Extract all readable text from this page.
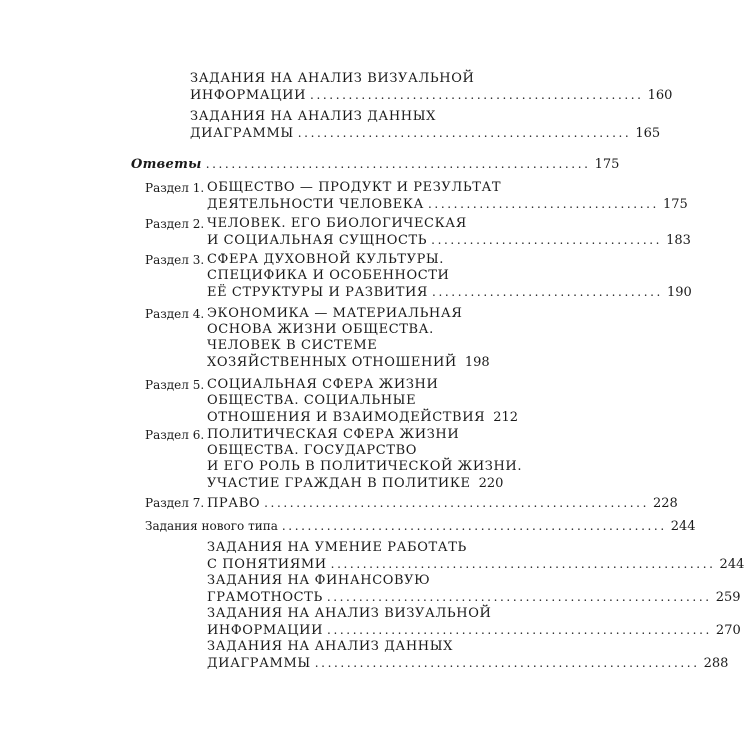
ЗАДАНИЯ НА АНАЛИЗ ВИЗУАЛЬНОЙ
ИНФОРМАЦИИ .................................................... 160
ЗАДАНИЯ НА АНАЛИЗ ДАННЫХ
ДИАГРАММЫ .................................................... 165
Ответы ............................................................ 175
Раздел 1. ОБЩЕСТВО — ПРОДУКТ И РЕЗУЛЬТАТ
ДЕЯТЕЛЬНОСТИ ЧЕЛОВЕКА .................................... 175
Раздел 2. ЧЕЛОВЕК. ЕГО БИОЛОГИЧЕСКАЯ
И СОЦИАЛЬНАЯ СУЩНОСТЬ .................................... 183
Раздел 3. СФЕРА ДУХОВНОЙ КУЛЬТУРЫ.
СПЕЦИФИКА И ОСОБЕННОСТИ
ЕЁ СТРУКТУРЫ И РАЗВИТИЯ .................................... 190
Раздел 4. ЭКОНОМИКА — МАТЕРИАЛЬНАЯ
ОСНОВА ЖИЗНИ ОБЩЕСТВА.
ЧЕЛОВЕК В СИСТЕМЕ
ХОЗЯЙСТВЕННЫХ ОТНОШЕНИЙ 198
Раздел 5. СОЦИАЛЬНАЯ СФЕРА ЖИЗНИ
ОБЩЕСТВА. СОЦИАЛЬНЫЕ
ОТНОШЕНИЯ И ВЗАИМОДЕЙСТВИЯ 212
Раздел 6. ПОЛИТИЧЕСКАЯ СФЕРА ЖИЗНИ
ОБЩЕСТВА. ГОСУДАРСТВО
И ЕГО РОЛЬ В ПОЛИТИЧЕСКОЙ ЖИЗНИ.
УЧАСТИЕ ГРАЖДАН В ПОЛИТИКЕ 220
Раздел 7. ПРАВО ............................................................ 228
Задания нового типа ............................................................ 244
ЗАДАНИЯ НА УМЕНИЕ РАБОТАТЬ
С ПОНЯТИЯМИ ............................................................ 244
ЗАДАНИЯ НА ФИНАНСОВУЮ
ГРАМОТНОСТЬ ............................................................ 259
ЗАДАНИЯ НА АНАЛИЗ ВИЗУАЛЬНОЙ
ИНФОРМАЦИИ ............................................................ 270
ЗАДАНИЯ НА АНАЛИЗ ДАННЫХ
ДИАГРАММЫ ............................................................ 288
